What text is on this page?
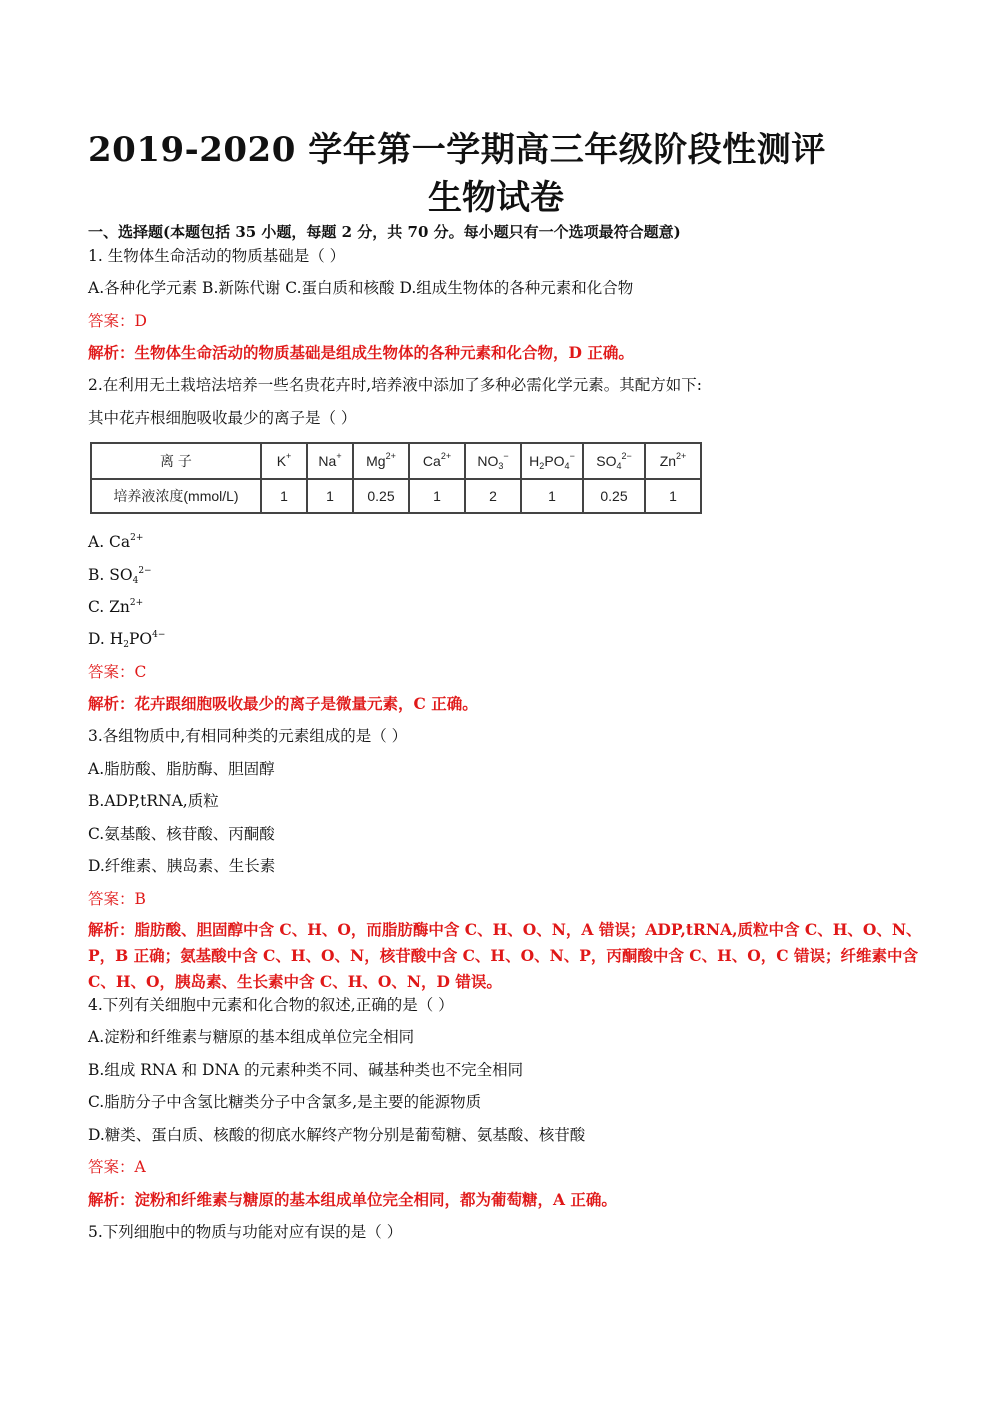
2019-2020 学年第一学期高三年级阶段性测评
生物试卷
一、选择题(本题包括 35 小题，每题 2 分，共 70 分。每小题只有一个选项最符合题意)
1. 生物体生命活动的物质基础是（ ）
A.各种化学元素 B.新陈代谢 C.蛋白质和核酸 D.组成生物体的各种元素和化合物
答案：D
解析：生物体生命活动的物质基础是组成生物体的各种元素和化合物，D 正确。
2.在利用无土栽培法培养一些名贵花卉时,培养液中添加了多种必需化学元素。其配方如下:
其中花卉根细胞吸收最少的离子是（ ）
离 子	K+	Na+	$Mg^{2+}$	$Ca^{2+}$	$NO_3^-$	$H_2PO_4^-$	$SO_4^{2-}$	$Zn^{2+}$
培养液浓度(mmol/L)	1	1	0.25	1	2	1	0.25	1
A. $Ca^{2+}$
B. $SO_4^{2-}$
C. $Zn^{2+}$
D. $H_2PO^{4-}$
答案：C
解析：花卉跟细胞吸收最少的离子是微量元素，C 正确。
3.各组物质中,有相同种类的元素组成的是（ ）
A.脂肪酸、脂肪酶、胆固醇
B.ADP,tRNA,质粒
C.氨基酸、核苷酸、丙酮酸
D.纤维素、胰岛素、生长素
答案：B
解析：脂肪酸、胆固醇中含 C、H、O，而脂肪酶中含 C、H、O、N，A 错误；ADP,tRNA,质粒中含 C、H、O、N、P，B 正确；氨基酸中含 C、H、O、N，核苷酸中含 C、H、O、N、P，丙酮酸中含 C、H、O，C 错误；纤维素中含 C、H、O，胰岛素、生长素中含 C、H、O、N，D 错误。
4.下列有关细胞中元素和化合物的叙述,正确的是（ ）
A.淀粉和纤维素与糖原的基本组成单位完全相同
B.组成 RNA 和 DNA 的元素种类不同、碱基种类也不完全相同
C.脂肪分子中含氢比糖类分子中含氯多,是主要的能源物质
D.糖类、蛋白质、核酸的彻底水解终产物分别是葡萄糖、氨基酸、核苷酸
答案：A
解析：淀粉和纤维素与糖原的基本组成单位完全相同，都为葡萄糖，A 正确。
5.下列细胞中的物质与功能对应有误的是（ ）
